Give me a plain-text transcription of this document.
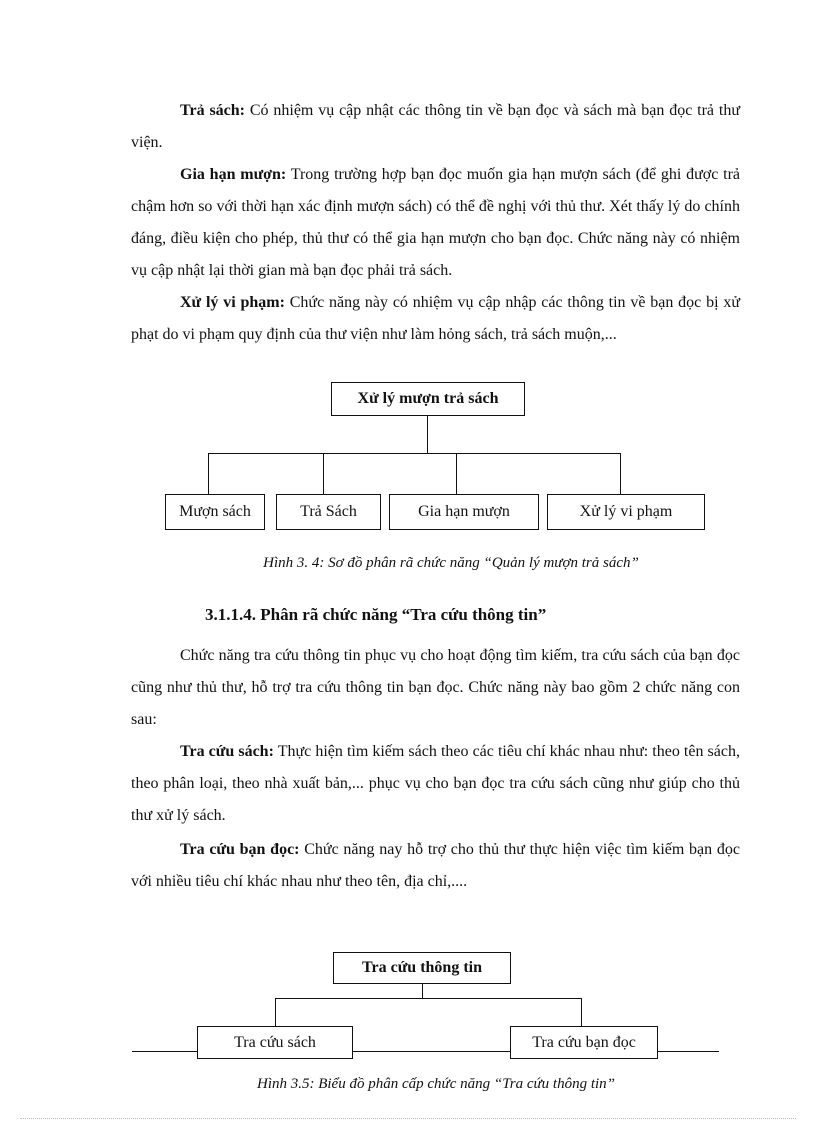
Trả sách: Có nhiệm vụ cập nhật các thông tin về bạn đọc và sách mà bạn đọc trả thư viện.

Gia hạn mượn: Trong trường hợp bạn đọc muốn gia hạn mượn sách (để ghi được trả chậm hơn so với thời hạn xác định mượn sách) có thể đề nghị với thủ thư. Xét thấy lý do chính đáng, điều kiện cho phép, thủ thư có thể gia hạn mượn cho bạn đọc. Chức năng này có nhiệm vụ cập nhật lại thời gian mà bạn đọc phải trả sách.

Xử lý vi phạm: Chức năng này có nhiệm vụ cập nhập các thông tin về bạn đọc bị xử phạt do vi phạm quy định của thư viện như làm hỏng sách, trả sách muộn,...

Xử lý mượn trả sách
Mượn sách	Trả Sách	Gia hạn mượn	Xử lý vi phạm
Hình 3. 4: Sơ đồ phân rã chức năng “Quản lý mượn trả sách”
3.1.1.4. Phân rã chức năng “Tra cứu thông tin”

Chức năng tra cứu thông tin phục vụ cho hoạt động tìm kiếm, tra cứu sách của bạn đọc cũng như thủ thư, hỗ trợ tra cứu thông tin bạn đọc. Chức năng này bao gồm 2 chức năng con sau:

Tra cứu sách: Thực hiện tìm kiếm sách theo các tiêu chí khác nhau như: theo tên sách, theo phân loại, theo nhà xuất bản,... phục vụ cho bạn đọc tra cứu sách cũng như giúp cho thủ thư xử lý sách.

Tra cứu bạn đọc: Chức năng nay hỗ trợ cho thủ thư thực hiện việc tìm kiếm bạn đọc với nhiều tiêu chí khác nhau như theo tên, địa chỉ,....

Tra cứu thông tin
Tra cứu sách	Tra cứu bạn đọc
Hình 3.5: Biểu đồ phân cấp chức năng “Tra cứu thông tin”
